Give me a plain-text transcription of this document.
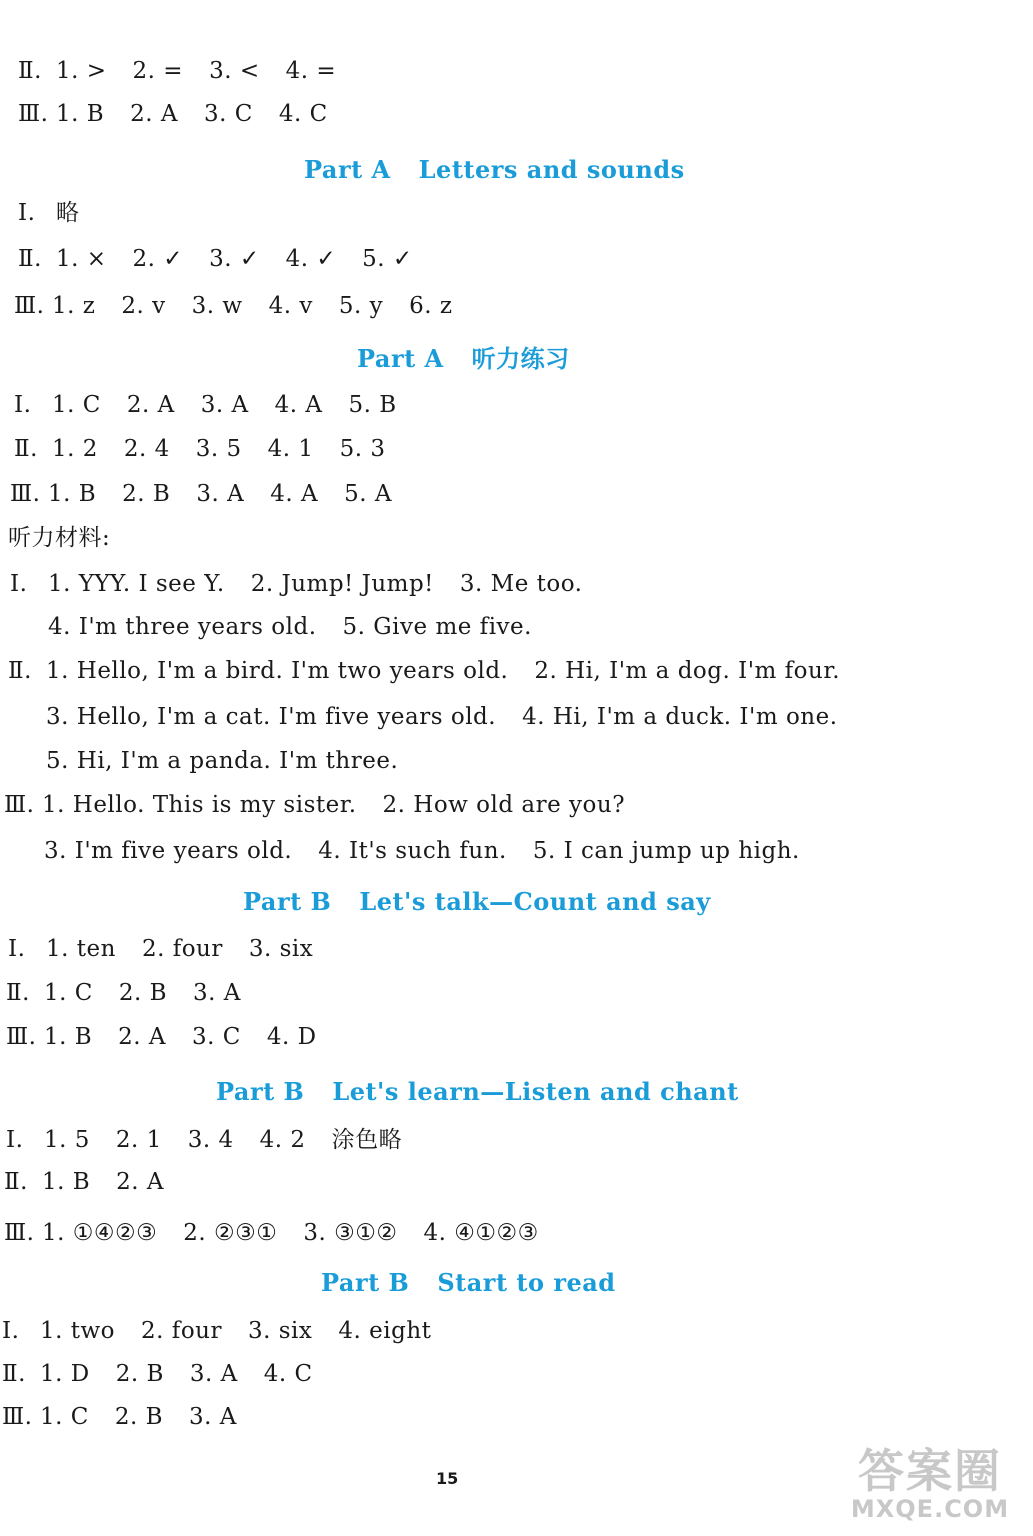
Ⅱ. 1. > 2. = 3. < 4. =
Ⅲ. 1. B 2. A 3. C 4. C
Part A Letters and sounds
Ⅰ. 略
Ⅱ. 1. × 2. ✓ 3. ✓ 4. ✓ 5. ✓
Ⅲ. 1. z 2. v 3. w 4. v 5. y 6. z
Part A 听力练习
Ⅰ. 1. C 2. A 3. A 4. A 5. B
Ⅱ. 1. 2 2. 4 3. 5 4. 1 5. 3
Ⅲ. 1. B 2. B 3. A 4. A 5. A
听力材料:
Ⅰ. 1. YYY. I see Y. 2. Jump! Jump! 3. Me too.
4. I'm three years old. 5. Give me five.
Ⅱ. 1. Hello, I'm a bird. I'm two years old. 2. Hi, I'm a dog. I'm four.
3. Hello, I'm a cat. I'm five years old. 4. Hi, I'm a duck. I'm one.
5. Hi, I'm a panda. I'm three.
Ⅲ. 1. Hello. This is my sister. 2. How old are you?
3. I'm five years old. 4. It's such fun. 5. I can jump up high.
Part B Let's talk—Count and say
Ⅰ. 1. ten 2. four 3. six
Ⅱ. 1. C 2. B 3. A
Ⅲ. 1. B 2. A 3. C 4. D
Part B Let's learn—Listen and chant
Ⅰ. 1. 5 2. 1 3. 4 4. 2 涂色略
Ⅱ. 1. B 2. A
Ⅲ. 1. ①④②③ 2. ②③① 3. ③①② 4. ④①②③
Part B Start to read
Ⅰ. 1. two 2. four 3. six 4. eight
Ⅱ. 1. D 2. B 3. A 4. C
Ⅲ. 1. C 2. B 3. A
15	答案圈
MXQE.COM
